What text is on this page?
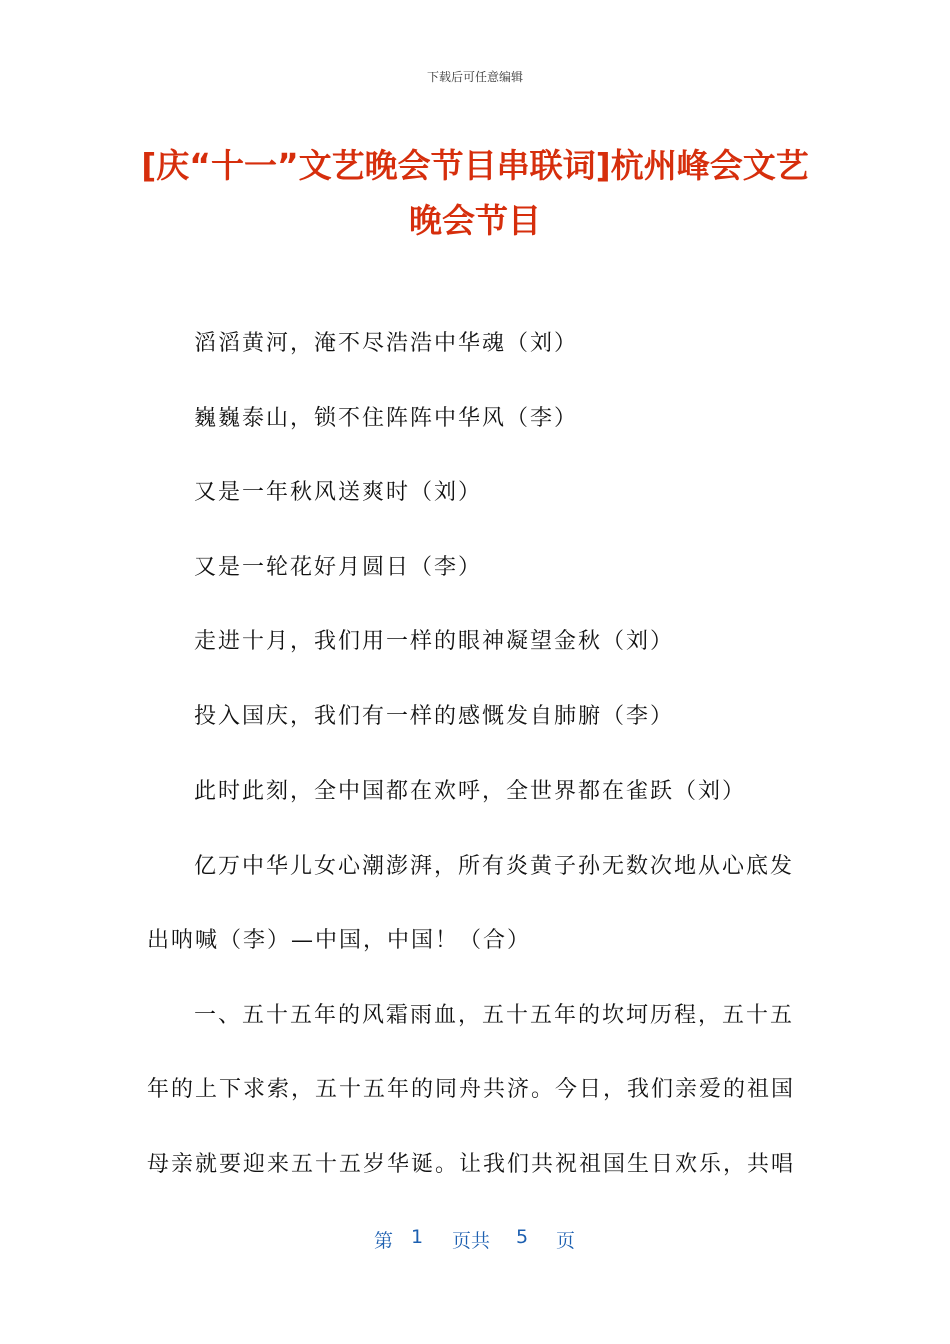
下载后可任意编辑
[庆“十一”文艺晚会节目串联词]杭州峰会文艺晚会节目
滔滔黄河，淹不尽浩浩中华魂（刘）
巍巍泰山，锁不住阵阵中华风（李）
又是一年秋风送爽时（刘）
又是一轮花好月圆日（李）
走进十月，我们用一样的眼神凝望金秋（刘）
投入国庆，我们有一样的感慨发自肺腑（李）
此时此刻，全中国都在欢呼，全世界都在雀跃（刘）
亿万中华儿女心潮澎湃，所有炎黄子孙无数次地从心底发
出呐喊（李）—中国，中国！（合）
一、五十五年的风霜雨血，五十五年的坎坷历程，五十五
年的上下求索，五十五年的同舟共济。今日，我们亲爱的祖国
母亲就要迎来五十五岁华诞。让我们共祝祖国生日欢乐，共唱
第 1 页共 5 页
